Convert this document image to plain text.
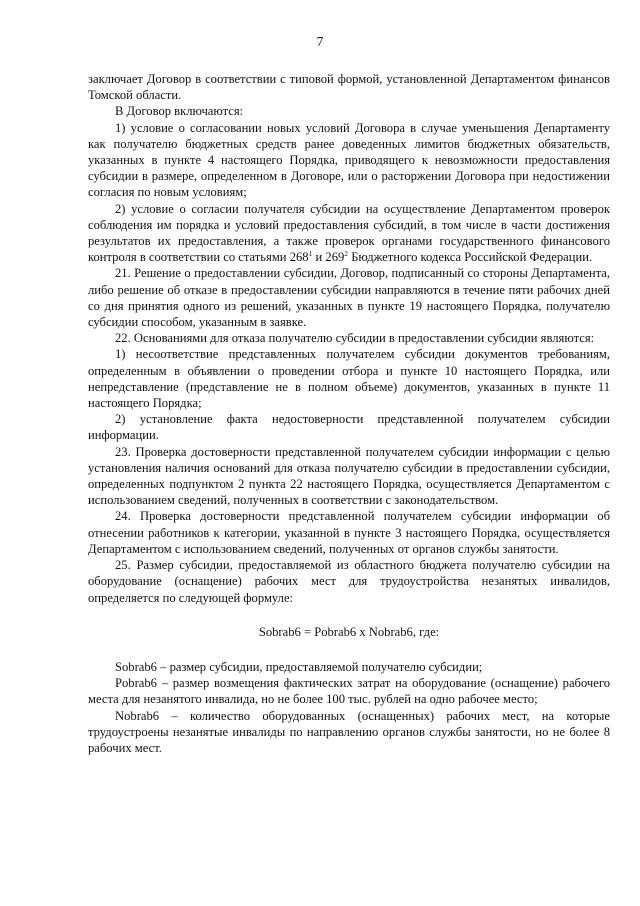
7

заключает Договор в соответствии с типовой формой, установленной Департаментом финансов Томской области.

В Договор включаются:

1) условие о согласовании новых условий Договора в случае уменьшения Департаменту как получателю бюджетных средств ранее доведенных лимитов бюджетных обязательств, указанных в пункте 4 настоящего Порядка, приводящего к невозможности предоставления субсидии в размере, определенном в Договоре, или о расторжении Договора при недостижении согласия по новым условиям;

2) условие о согласии получателя субсидии на осуществление Департаментом проверок соблюдения им порядка и условий предоставления субсидий, в том числе в части достижения результатов их предоставления, а также проверок органами государственного финансового контроля в соответствии со статьями $268^1$ и $269^2$ Бюджетного кодекса Российской Федерации.

21. Решение о предоставлении субсидии, Договор, подписанный со стороны Департамента, либо решение об отказе в предоставлении субсидии направляются в течение пяти рабочих дней со дня принятия одного из решений, указанных в пункте 19 настоящего Порядка, получателю субсидии способом, указанным в заявке.

22. Основаниями для отказа получателю субсидии в предоставлении субсидии являются:

1) несоответствие представленных получателем субсидии документов требованиям, определенным в объявлении о проведении отбора и пункте 10 настоящего Порядка, или непредставление (представление не в полном объеме) документов, указанных в пункте 11 настоящего Порядка;

2) установление факта недостоверности представленной получателем субсидии информации.

23. Проверка достоверности представленной получателем субсидии информации с целью установления наличия оснований для отказа получателю субсидии в предоставлении субсидии, определенных подпунктом 2 пункта 22 настоящего Порядка, осуществляется Департаментом с использованием сведений, полученных в соответствии с законодательством.

24. Проверка достоверности представленной получателем субсидии информации об отнесении работников к категории, указанной в пункте 3 настоящего Порядка, осуществляется Департаментом с использованием сведений, полученных от органов службы занятости.

25. Размер субсидии, предоставляемой из областного бюджета получателю субсидии на оборудование (оснащение) рабочих мест для трудоустройства незанятых инвалидов, определяется по следующей формуле:

Sobrab6 = Pobrab6 x Nobrab6, где:

Sobrab6 – размер субсидии, предоставляемой получателю субсидии;

Pobrab6 – размер возмещения фактических затрат на оборудование (оснащение) рабочего места для незанятого инвалида, но не более 100 тыс. рублей на одно рабочее место;

Nobrab6 – количество оборудованных (оснащенных) рабочих мест, на которые трудоустроены незанятые инвалиды по направлению органов службы занятости, но не более 8 рабочих мест.
